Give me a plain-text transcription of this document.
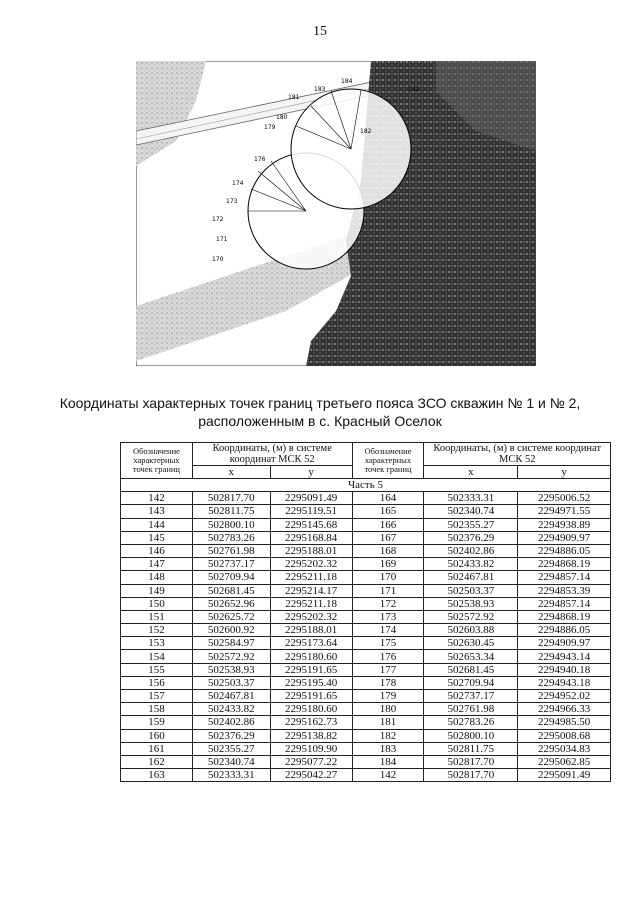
15
184
183
181
180
179
176
174
173
172
171
170
182
142
Координаты характерных точек границ третьего пояса ЗСО скважин № 1 и № 2,
расположенным в с. Красный Оселок
Обозначение характерных точек границ	Координаты, (м) в системе координат МСК 52		Обозначение характерных точек границ	Координаты, (м) в системе координат МСК 52	
	x	y		x	y
Часть 5					
142	502817.70	2295091.49	164	502333.31	2295006.52
143	502811.75	2295119.51	165	502340.74	2294971.55
144	502800.10	2295145.68	166	502355.27	2294938.89
145	502783.26	2295168.84	167	502376.29	2294909.97
146	502761.98	2295188.01	168	502402.86	2294886.05
147	502737.17	2295202.32	169	502433.82	2294868.19
148	502709.94	2295211.18	170	502467.81	2294857.14
149	502681.45	2295214.17	171	502503.37	2294853.39
150	502652.96	2295211.18	172	502538.93	2294857.14
151	502625.72	2295202.32	173	502572.92	2294868.19
152	502600.92	2295188.01	174	502603.88	2294886.05
153	502584.97	2295173.64	175	502630.45	2294909.97
154	502572.92	2295180.60	176	502653.34	2294943.14
155	502538.93	2295191.65	177	502681.45	2294940.18
156	502503.37	2295195.40	178	502709.94	2294943.18
157	502467.81	2295191.65	179	502737.17	2294952.02
158	502433.82	2295180.60	180	502761.98	2294966.33
159	502402.86	2295162.73	181	502783.26	2294985.50
160	502376.29	2295138.82	182	502800.10	2295008.68
161	502355.27	2295109.90	183	502811.75	2295034.83
162	502340.74	2295077.22	184	502817.70	2295062.85
163	502333.31	2295042.27	142	502817.70	2295091.49
